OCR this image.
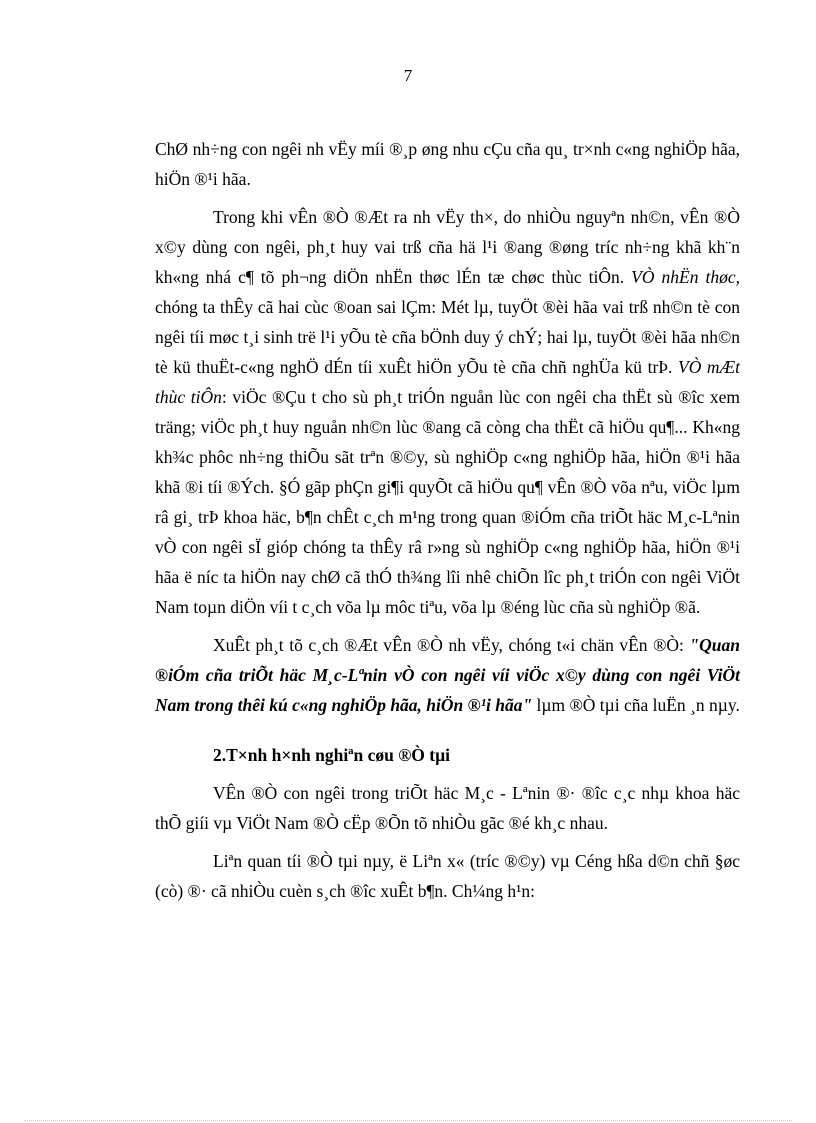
7

ChØ nh÷ng con ngêi nh vËy míi ®¸p øng nhu cÇu cña qu¸ tr×nh c«ng nghiÖp hãa, hiÖn ®¹i hãa.

Trong khi vÊn ®Ò ®Æt ra nh vËy th×, do nhiÒu nguyªn nh©n, vÊn ®Ò x©y dùng con ngêi, ph¸t huy vai trß cña hä l¹i ®ang ®øng tríc nh÷ng khã kh¨n kh«ng nhá c¶ tõ ph¬ng diÖn nhËn thøc lÉn tæ chøc thùc tiÔn. VÒ nhËn thøc, chóng ta thÊy cã hai cùc ®oan sai lÇm: Mét lµ, tuyÖt ®èi hãa vai trß nh©n tè con ngêi tíi møc t¸i sinh trë l¹i yÕu tè cña bÖnh duy ý chÝ; hai lµ, tuyÖt ®èi hãa nh©n tè kü thuËt-c«ng nghÖ dÉn tíi xuÊt hiÖn yÕu tè cña chñ nghÜa kü trÞ. VÒ mÆt thùc tiÔn: viÖc ®Çu t cho sù ph¸t triÓn nguån lùc con ngêi cha thËt sù ®îc xem träng; viÖc ph¸t huy nguån nh©n lùc ®ang cã còng cha thËt cã hiÖu qu¶... Kh«ng kh¾c phôc nh÷ng thiÕu sãt trªn ®©y, sù nghiÖp c«ng nghiÖp hãa, hiÖn ®¹i hãa khã ®i tíi ®Ých. §Ó gãp phÇn gi¶i quyÕt cã hiÖu qu¶ vÊn ®Ò võa nªu, viÖc lµm râ gi¸ trÞ khoa häc, b¶n chÊt c¸ch m¹ng trong quan ®iÓm cña triÕt häc M¸c-Lªnin vÒ con ngêi sÏ gióp chóng ta thÊy râ r»ng sù nghiÖp c«ng nghiÖp hãa, hiÖn ®¹i hãa ë níc ta hiÖn nay chØ cã thÓ th¾ng lîi nhê chiÕn lîc ph¸t triÓn con ngêi ViÖt Nam toµn diÖn víi t c¸ch võa lµ môc tiªu, võa lµ ®éng lùc cña sù nghiÖp ®ã.

XuÊt ph¸t tõ c¸ch ®Æt vÊn ®Ò nh vËy, chóng t«i chän vÊn ®Ò: "Quan ®iÓm cña triÕt häc M¸c-Lªnin vÒ con ngêi víi viÖc x©y dùng con ngêi ViÖt Nam trong thêi kú c«ng nghiÖp hãa, hiÖn ®¹i hãa" lµm ®Ò tµi cña luËn ¸n nµy.

2.T×nh h×nh nghiªn cøu ®Ò tµi

VÊn ®Ò con ngêi trong triÕt häc M¸c - Lªnin ®· ®îc c¸c nhµ khoa häc thÕ giíi vµ ViÖt Nam ®Ò cËp ®Õn tõ nhiÒu gãc ®é kh¸c nhau.

Liªn quan tíi ®Ò tµi nµy, ë Liªn x« (tríc ®©y) vµ Céng hßa d©n chñ §øc (cò) ®· cã nhiÒu cuèn s¸ch ®îc xuÊt b¶n. Ch¼ng h¹n:
